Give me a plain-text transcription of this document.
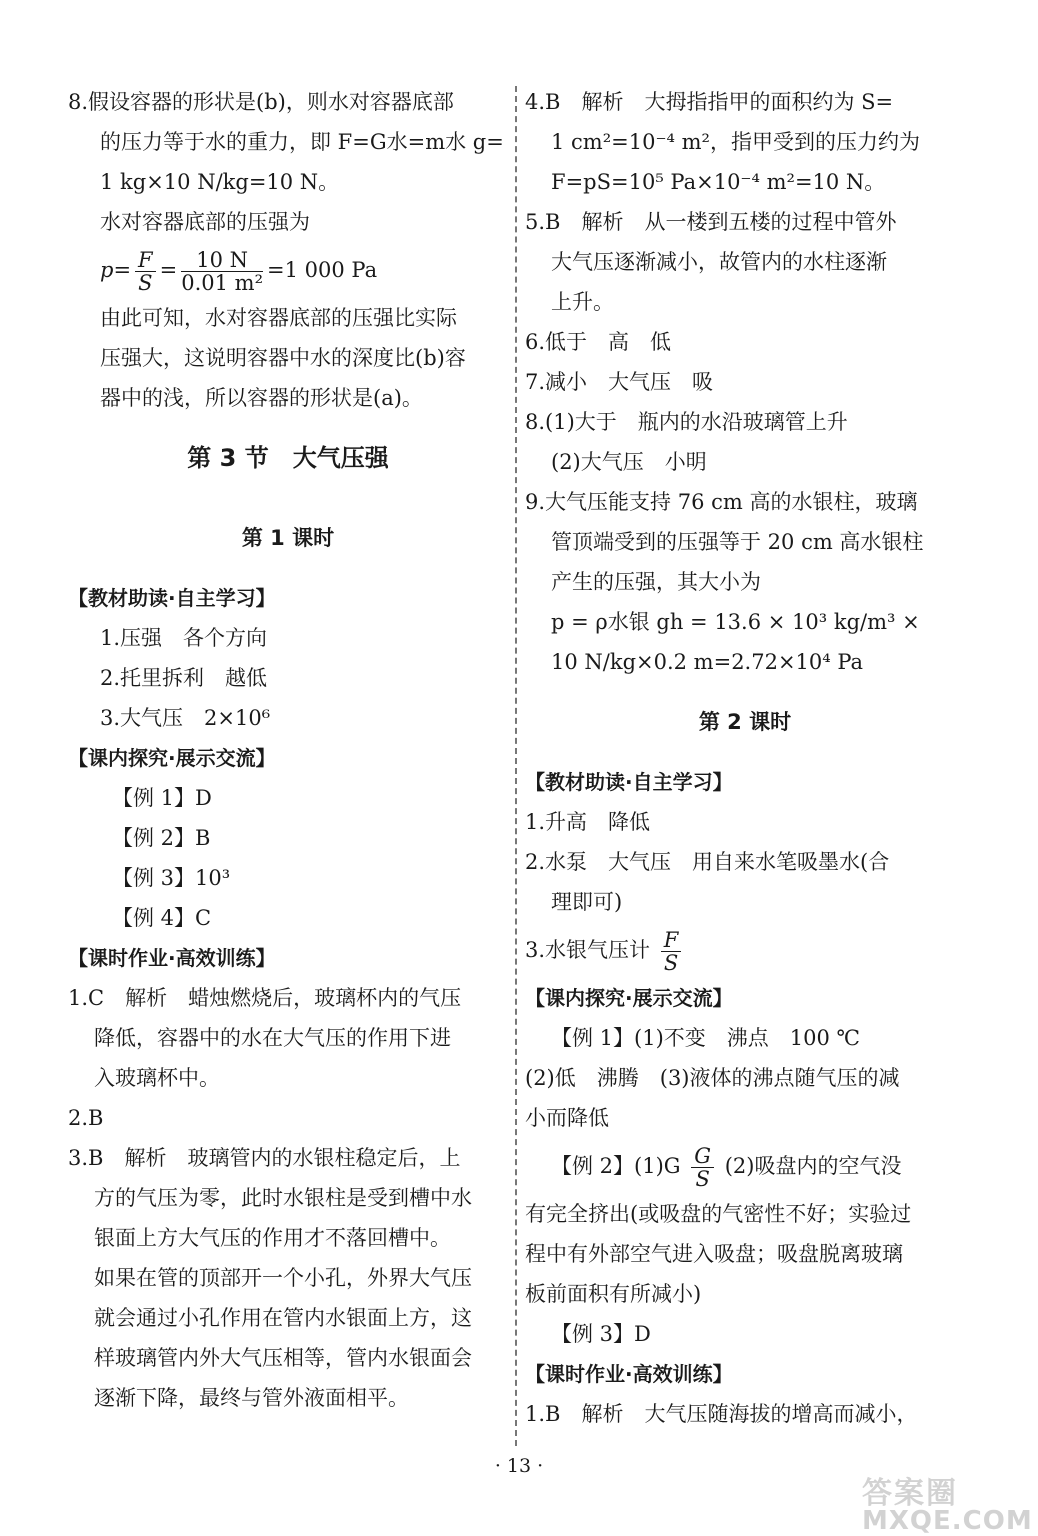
8.假设容器的形状是(b)，则水对容器底部
的压力等于水的重力，即 F=G水=m水 g=
1 kg×10 N/kg=10 N。
水对容器底部的压强为
$p= \frac{F}{S} = \frac{10 N}{\text{0.01 m²}} =1$ 000 Pa
由此可知，水对容器底部的压强比实际
压强大，这说明容器中水的深度比(b)容
器中的浅，所以容器的形状是(a)。
第 3 节　大气压强
第 1 课时
【教材助读·自主学习】
1.压强　各个方向
2.托里拆利　越低
3.大气压　2×10⁶
【课内探究·展示交流】
【例 1】D
【例 2】B
【例 3】10³
【例 4】C
【课时作业·高效训练】
1.C　解析　蜡烛燃烧后，玻璃杯内的气压
降低，容器中的水在大气压的作用下进
入玻璃杯中。
2.B
3.B　解析　玻璃管内的水银柱稳定后，上
方的气压为零，此时水银柱是受到槽中水
银面上方大气压的作用才不落回槽中。
如果在管的顶部开一个小孔，外界大气压
就会通过小孔作用在管内水银面上方，这
样玻璃管内外大气压相等，管内水银面会
逐渐下降，最终与管外液面相平。
4.B　解析　大拇指指甲的面积约为 S=
1 cm²=10⁻⁴ m²，指甲受到的压力约为
F=pS=10⁵ Pa×10⁻⁴ m²=10 N。
5.B　解析　从一楼到五楼的过程中管外
大气压逐渐减小，故管内的水柱逐渐
上升。
6.低于　高　低
7.减小　大气压　吸
8.(1)大于　瓶内的水沿玻璃管上升
(2)大气压　小明
9.大气压能支持 76 cm 高的水银柱，玻璃
管顶端受到的压强等于 20 cm 高水银柱
产生的压强，其大小为
p = ρ水银 gh = 13.6 × 10³ kg/m³ ×
10 N/kg×0.2 m=2.72×10⁴ Pa
第 2 课时
【教材助读·自主学习】
1.升高　降低
2.水泵　大气压　用自来水笔吸墨水(合
理即可)
3.水银气压计 $\frac{F}{S}$
【课内探究·展示交流】
【例 1】(1)不变　沸点　100 ℃
(2)低　沸腾　(3)液体的沸点随气压的减
小而降低
【例 2】$(1)G \frac{G}{S} (2)$吸盘内的空气没
有完全挤出(或吸盘的气密性不好；实验过
程中有外部空气进入吸盘；吸盘脱离玻璃
板前面积有所减小)
【例 3】D
【课时作业·高效训练】
1.B　解析　大气压随海拔的增高而减小，
· 13 ·
答案圈
MXQE.COM
